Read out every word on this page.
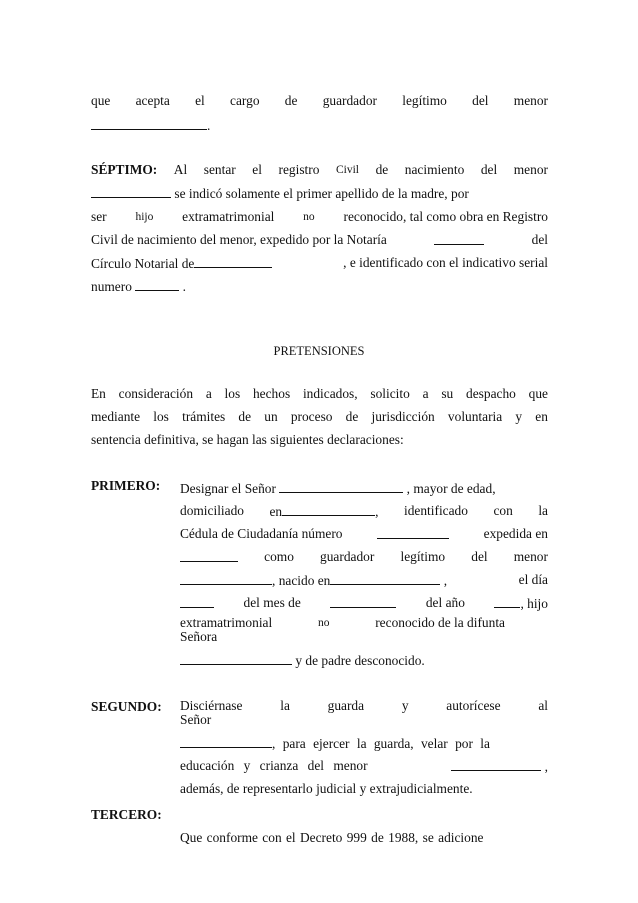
que acepta el cargo de guardador legítimo del menor
.
SÉPTIMO: Al sentar el registro Civil de nacimiento del menor
se indicó solamente el primer apellido de la madre, por
ser	hijo extramatrimonial	no reconocido, tal como obra en Registro
Civil de nacimiento del menor, expedido por la Notaría	del
Círculo Notarial de	, e identificado con el indicativo serial
numero	.
PRETENSIONES
En consideración a los hechos indicados, solicito a su despacho que
mediante los trámites de un proceso de jurisdicción voluntaria y en
sentencia definitiva, se hagan las siguientes declaraciones:
PRIMERO: Designar el Señor	, mayor de edad,
domiciliado en	, identificado con la
Cédula de Ciudadanía número	expedida en
como guardador legítimo del menor
, nacido en	,	el día
del mes de	del año	, hijo
extramatrimonial	no	reconocido de la difunta
Señora
y de padre desconocido.
SEGUNDO: Disciérnase	la	guarda	y	autorícese	al
Señor
, para ejercer la guarda, velar por la
educación y crianza del menor	,
además, de representarlo judicial y extrajudicialmente.
TERCERO:
Que conforme con el Decreto 999 de 1988, se adicione
